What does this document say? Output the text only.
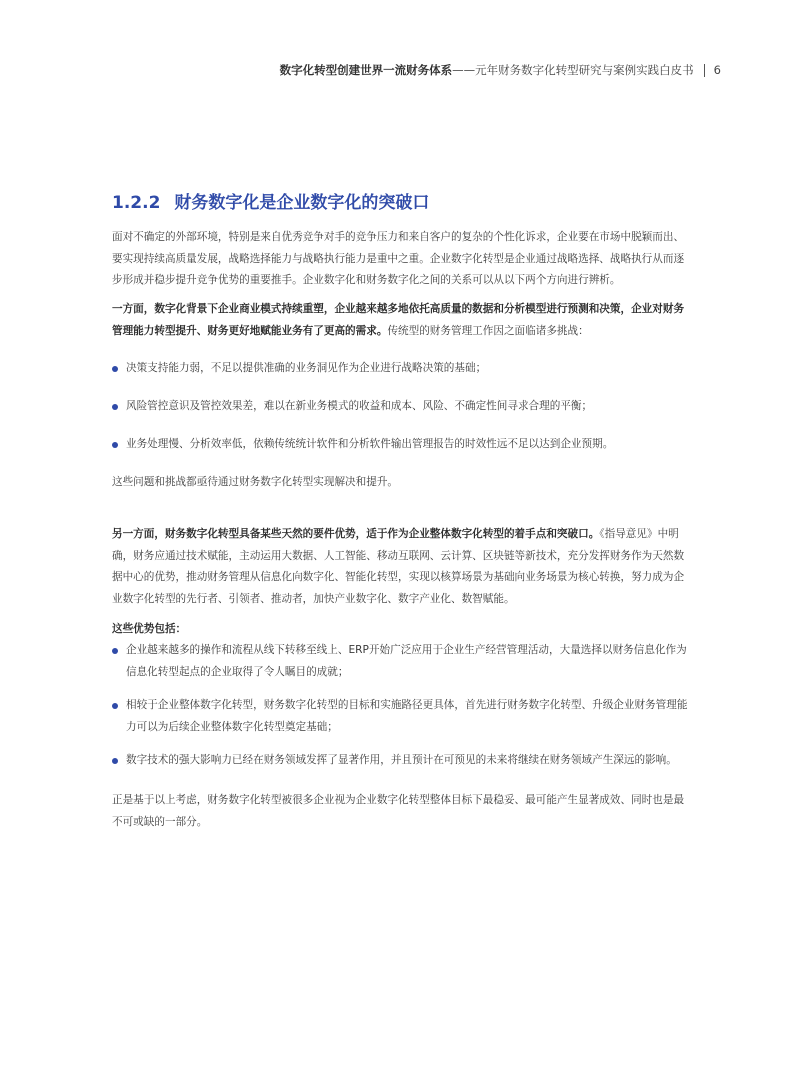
数字化转型创建世界一流财务体系 ——元年财务数字化转型研究与案例实践白皮书 6
1.2.2 财务数字化是企业数字化的突破口

面对不确定的外部环境，特别是来自优秀竞争对手的竞争压力和来自客户的复杂的个性化诉求，企业要在市场中脱颖而出、要实现持续高质量发展，战略选择能力与战略执行能力是重中之重。企业数字化转型是企业通过战略选择、战略执行从而逐步形成并稳步提升竞争优势的重要推手。企业数字化和财务数字化之间的关系可以从以下两个方向进行辨析。

一方面，数字化背景下企业商业模式持续重塑，企业越来越多地依托高质量的数据和分析模型进行预测和决策，企业对财务管理能力转型提升、财务更好地赋能业务有了更高的需求。传统型的财务管理工作因之面临诸多挑战：

决策支持能力弱，不足以提供准确的业务洞见作为企业进行战略决策的基础；

风险管控意识及管控效果差，难以在新业务模式的收益和成本、风险、不确定性间寻求合理的平衡；

业务处理慢、分析效率低，依赖传统统计软件和分析软件输出管理报告的时效性远不足以达到企业预期。

这些问题和挑战都亟待通过财务数字化转型实现解决和提升。

另一方面，财务数字化转型具备某些天然的要件优势，适于作为企业整体数字化转型的着手点和突破口。《指导意见》中明确，财务应通过技术赋能，主动运用大数据、人工智能、移动互联网、云计算、区块链等新技术，充分发挥财务作为天然数据中心的优势，推动财务管理从信息化向数字化、智能化转型，实现以核算场景为基础向业务场景为核心转换，努力成为企业数字化转型的先行者、引领者、推动者，加快产业数字化、数字产业化、数智赋能。

这些优势包括：

企业越来越多的操作和流程从线下转移至线上、ERP开始广泛应用于企业生产经营管理活动，大量选择以财务信息化作为信息化转型起点的企业取得了令人瞩目的成就；

相较于企业整体数字化转型，财务数字化转型的目标和实施路径更具体，首先进行财务数字化转型、升级企业财务管理能力可以为后续企业整体数字化转型奠定基础；

数字技术的强大影响力已经在财务领域发挥了显著作用，并且预计在可预见的未来将继续在财务领域产生深远的影响。

正是基于以上考虑，财务数字化转型被很多企业视为企业数字化转型整体目标下最稳妥、最可能产生显著成效、同时也是最不可或缺的一部分。
